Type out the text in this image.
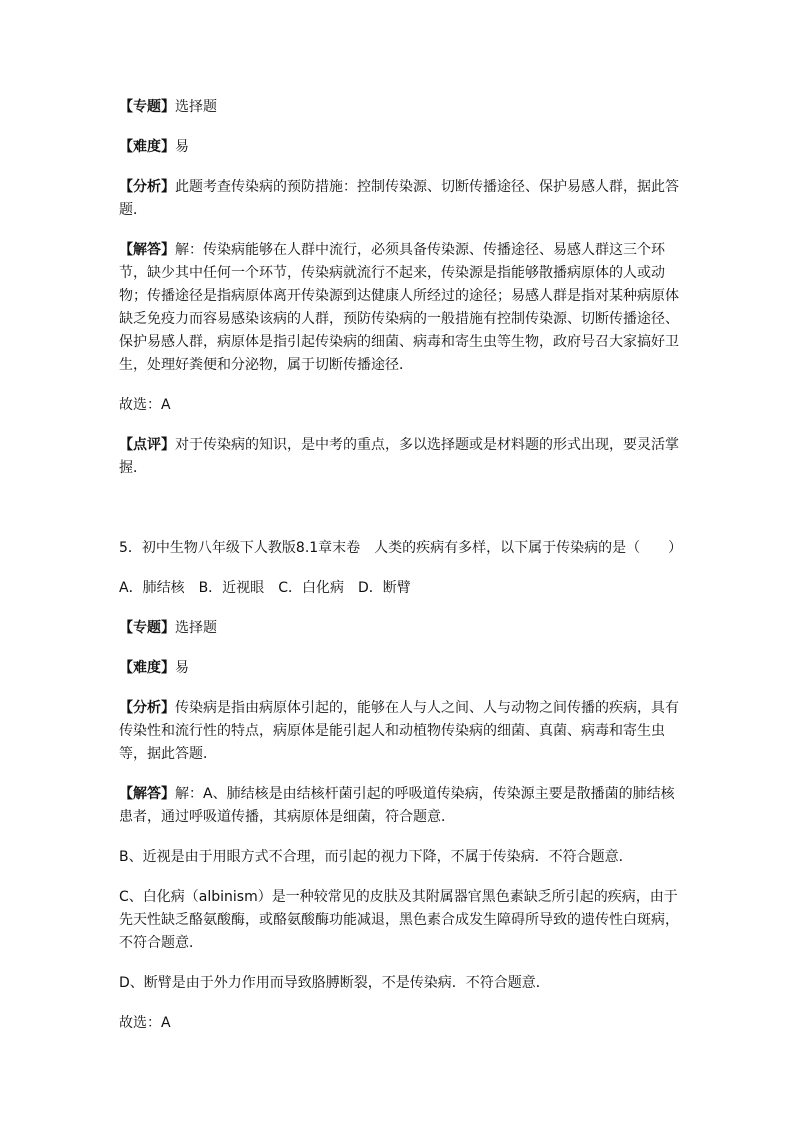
【专题】选择题

【难度】易

【分析】此题考查传染病的预防措施：控制传染源、切断传播途径、保护易感人群，据此答题．

【解答】解：传染病能够在人群中流行，必须具备传染源、传播途径、易感人群这三个环节，缺少其中任何一个环节，传染病就流行不起来，传染源是指能够散播病原体的人或动物；传播途径是指病原体离开传染源到达健康人所经过的途径；易感人群是指对某种病原体缺乏免疫力而容易感染该病的人群，预防传染病的一般措施有控制传染源、切断传播途径、保护易感人群，病原体是指引起传染病的细菌、病毒和寄生虫等生物，政府号召大家搞好卫生，处理好粪便和分泌物，属于切断传播途径．

故选：A

【点评】对于传染病的知识，是中考的重点，多以选择题或是材料题的形式出现，要灵活掌握．

5．初中生物八年级下人教版8.1章末卷　人类的疾病有多样，以下属于传染病的是（　　）

A．肺结核 B．近视眼 C．白化病 D．断臂

【专题】选择题

【难度】易

【分析】传染病是指由病原体引起的，能够在人与人之间、人与动物之间传播的疾病，具有传染性和流行性的特点，病原体是能引起人和动植物传染病的细菌、真菌、病毒和寄生虫等，据此答题．

【解答】解：A、肺结核是由结核杆菌引起的呼吸道传染病，传染源主要是散播菌的肺结核患者，通过呼吸道传播，其病原体是细菌，符合题意．

B、近视是由于用眼方式不合理，而引起的视力下降，不属于传染病．不符合题意．

C、白化病（albinism）是一种较常见的皮肤及其附属器官黑色素缺乏所引起的疾病，由于先天性缺乏酪氨酸酶，或酪氨酸酶功能减退，黑色素合成发生障碍所导致的遗传性白斑病，不符合题意．

D、断臂是由于外力作用而导致胳膊断裂，不是传染病．不符合题意．

故选：A
